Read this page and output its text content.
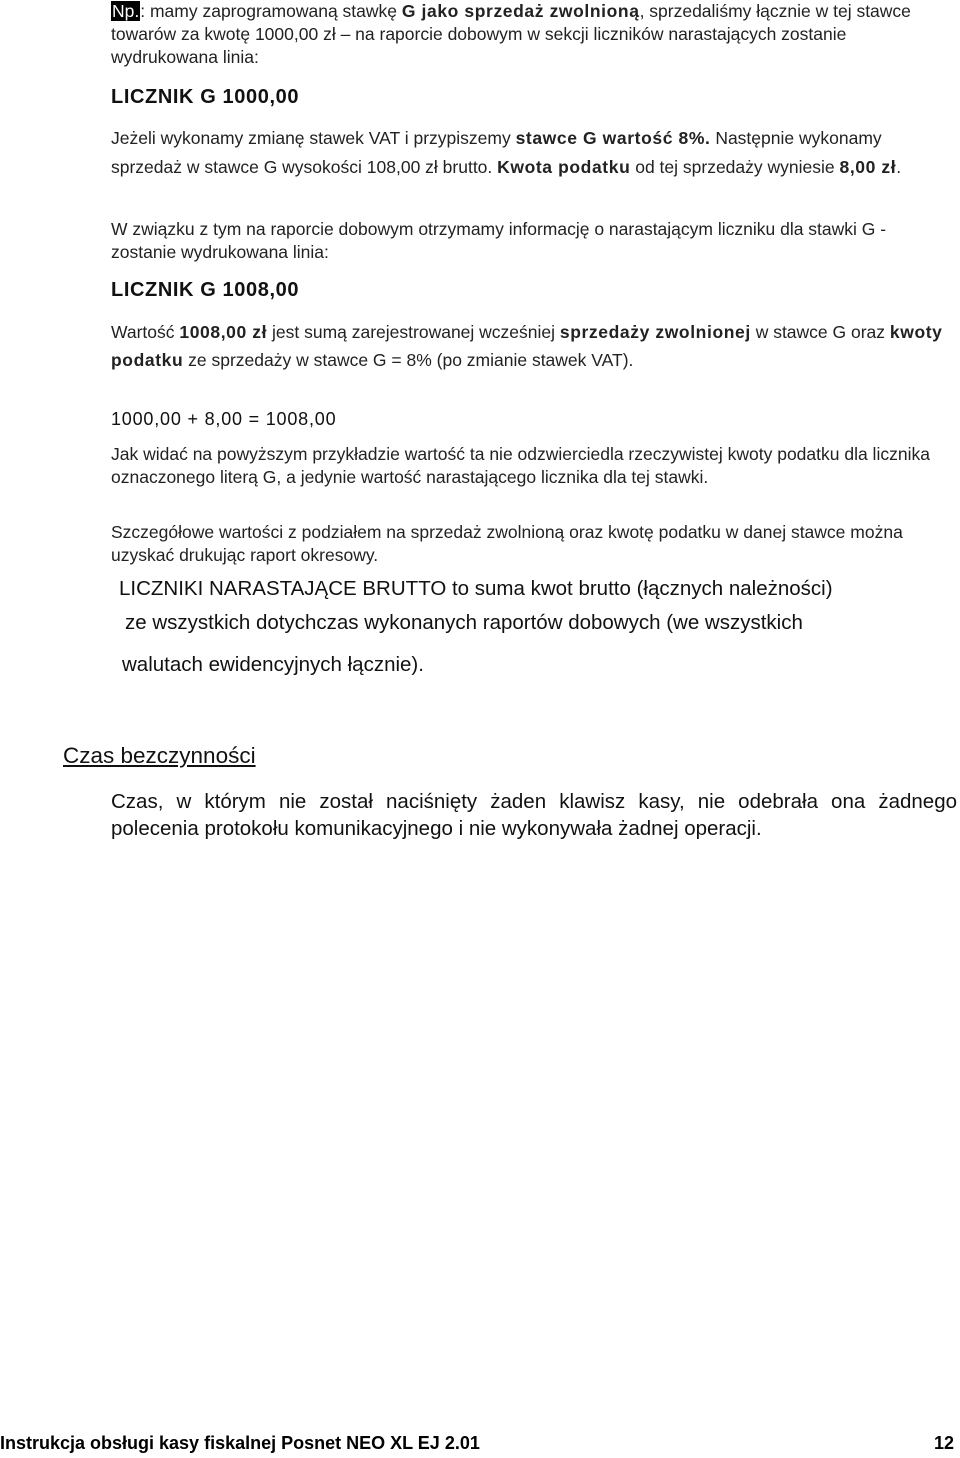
Np.: mamy zaprogramowaną stawkę G jako sprzedaż zwolnioną, sprzedaliśmy łącznie w tej stawce towarów za kwotę 1000,00 zł – na raporcie dobowym w sekcji liczników narastających zostanie wydrukowana linia:
LICZNIK G 1000,00
Jeżeli wykonamy zmianę stawek VAT i przypiszemy stawce G wartość 8%. Następnie wykonamy sprzedaż w stawce G wysokości 108,00 zł brutto. Kwota podatku od tej sprzedaży wyniesie 8,00 zł.
W związku z tym na raporcie dobowym otrzymamy informację o narastającym liczniku dla stawki G - zostanie wydrukowana linia:
LICZNIK G 1008,00
Wartość 1008,00 zł jest sumą zarejestrowanej wcześniej sprzedaży zwolnionej w stawce G oraz kwoty podatku ze sprzedaży w stawce G = 8% (po zmianie stawek VAT).
1000,00 + 8,00 = 1008,00
Jak widać na powyższym przykładzie wartość ta nie odzwierciedla rzeczywistej kwoty podatku dla licznika oznaczonego literą G, a jedynie wartość narastającego licznika dla tej stawki.
Szczegółowe wartości z podziałem na sprzedaż zwolnioną oraz kwotę podatku w danej stawce można uzyskać drukując raport okresowy.
LICZNIKI NARASTAJĄCE BRUTTO to suma kwot brutto (łącznych należności)
ze wszystkich dotychczas wykonanych raportów dobowych (we wszystkich
walutach ewidencyjnych łącznie).
Czas bezczynności
Czas, w którym nie został naciśnięty żaden klawisz kasy, nie odebrała ona żadnego polecenia protokołu komunikacyjnego i nie wykonywała żadnej operacji.
Instrukcja obsługi kasy fiskalnej Posnet NEO XL EJ 2.01	12
